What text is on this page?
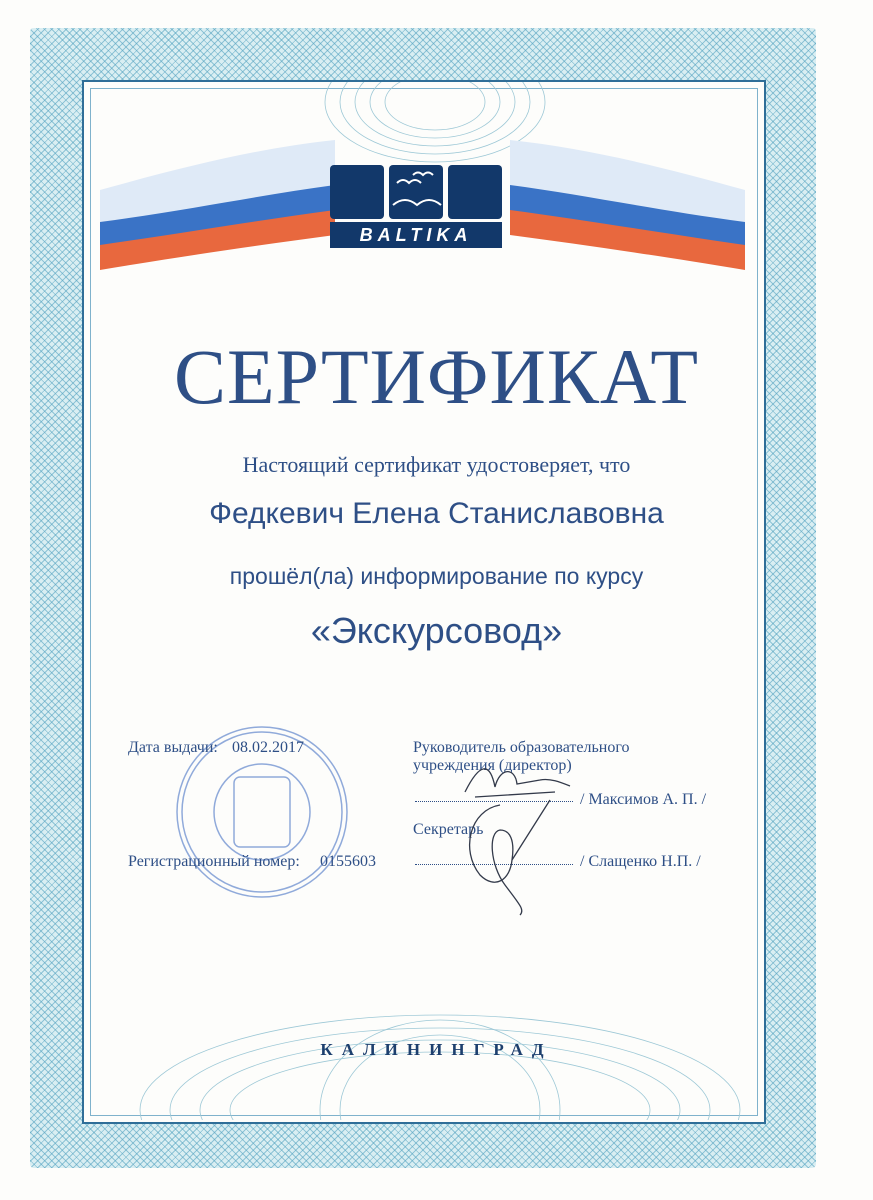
BALTIKA
СЕРТИФИКАТ
Настоящий сертификат удостоверяет, что
Федкевич Елена Станиславовна
прошёл(ла) информирование по курсу
«Экскурсовод»
Дата выдачи: 08.02.2017
Регистрационный номер: 0155603
Руководитель образовательного
учреждения (директор)
/ Максимов А. П. /
Секретарь
/ Слащенко Н.П. /
КАЛИНИНГРАД
